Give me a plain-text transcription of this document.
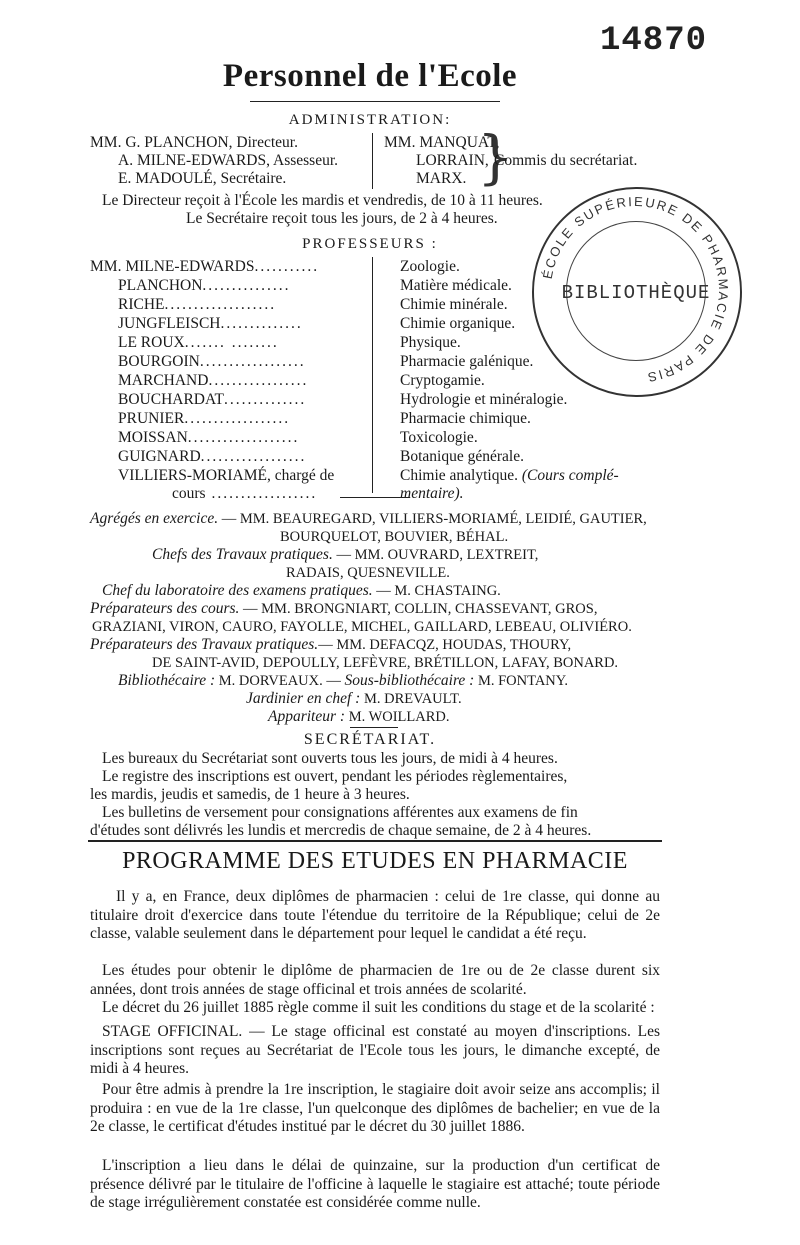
14870
Personnel de l'Ecole
ADMINISTRATION:
MM. G. PLANCHON, Directeur.
A. MILNE-EDWARDS, Assesseur.
E. MADOULÉ, Secrétaire.
MM. MANQUAT,
LORRAIN,
MARX. }
Commis du secrétariat.
Le Directeur reçoit à l'École les mardis et vendredis, de 10 à 11 heures.
Le Secrétaire reçoit tous les jours, de 2 à 4 heures.
PROFESSEURS :
MM. MILNE-EDWARDS...........	Zoologie.
PLANCHON...............	Matière médicale.
RICHE...................	Chimie minérale.
JUNGFLEISCH..............	Chimie organique.
LE ROUX....... ........	Physique.
BOURGOIN..................	Pharmacie galénique.
MARCHAND.................	Cryptogamie.
BOUCHARDAT..............	Hydrologie et minéralogie.
PRUNIER..................	Pharmacie chimique.
MOISSAN...................	Toxicologie.
GUIGNARD..................	Botanique générale.
VILLIERS-MORIAMÉ, chargé de	Chimie analytique. (Cours complé-
cours ..................	mentaire).
ÉCOLE SUPÉRIEURE DE PHARMACIE DE PARIS
BIBLIOTHÈQUE
Agrégés en exercice. — MM. BEAUREGARD, VILLIERS-MORIAMÉ, LEIDIÉ, GAUTIER,
BOURQUELOT, BOUVIER, BÉHAL.
Chefs des Travaux pratiques. — MM. OUVRARD, LEXTREIT,
RADAIS, QUESNEVILLE.
Chef du laboratoire des examens pratiques. — M. CHASTAING.
Préparateurs des cours. — MM. BRONGNIART, COLLIN, CHASSEVANT, GROS,
GRAZIANI, VIRON, CAURO, FAYOLLE, MICHEL, GAILLARD, LEBEAU, OLIVIÉRO.
Préparateurs des Travaux pratiques.— MM. DEFACQZ, HOUDAS, THOURY,
DE SAINT-AVID, DEPOULLY, LEFÈVRE, BRÉTILLON, LAFAY, BONARD.
Bibliothécaire : M. DORVEAUX. — Sous-bibliothécaire : M. FONTANY.
Jardinier en chef : M. DREVAULT.
Appariteur : M. WOILLARD.
SECRÉTARIAT.
Les bureaux du Secrétariat sont ouverts tous les jours, de midi à 4 heures.
Le registre des inscriptions est ouvert, pendant les périodes règlementaires,
les mardis, jeudis et samedis, de 1 heure à 3 heures.
Les bulletins de versement pour consignations afférentes aux examens de fin
d'études sont délivrés les lundis et mercredis de chaque semaine, de 2 à 4 heures.
PROGRAMME DES ETUDES EN PHARMACIE
Il y a, en France, deux diplômes de pharmacien : celui de 1re classe, qui donne au titulaire droit d'exercice dans toute l'étendue du territoire de la République; celui de 2e classe, valable seulement dans le département pour lequel le candidat a été reçu.
Les études pour obtenir le diplôme de pharmacien de 1re ou de 2e classe durent six années, dont trois années de stage officinal et trois années de scolarité.
Le décret du 26 juillet 1885 règle comme il suit les conditions du stage et de la scolarité :
STAGE OFFICINAL. — Le stage officinal est constaté au moyen d'inscriptions. Les inscriptions sont reçues au Secrétariat de l'Ecole tous les jours, le dimanche excepté, de midi à 4 heures.
Pour être admis à prendre la 1re inscription, le stagiaire doit avoir seize ans accomplis; il produira : en vue de la 1re classe, l'un quelconque des diplômes de bachelier; en vue de la 2e classe, le certificat d'études institué par le décret du 30 juillet 1886.
L'inscription a lieu dans le délai de quinzaine, sur la production d'un certificat de présence délivré par le titulaire de l'officine à laquelle le stagiaire est attaché; toute période de stage irrégulièrement constatée est considérée comme nulle.
